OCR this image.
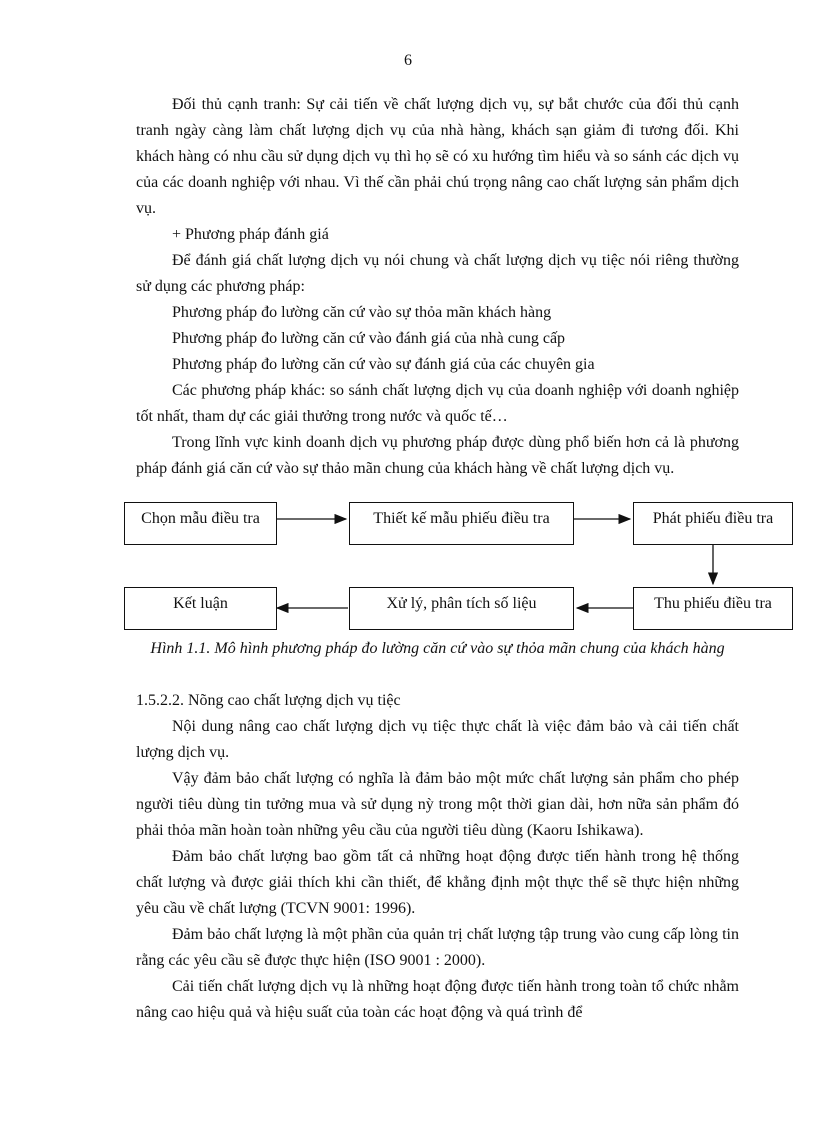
6

Đối thủ cạnh tranh: Sự cải tiến về chất lượng dịch vụ, sự bắt chước của đối thủ cạnh tranh ngày càng làm chất lượng dịch vụ của nhà hàng, khách sạn giảm đi tương đối. Khi khách hàng có nhu cầu sử dụng dịch vụ thì họ sẽ có xu hướng tìm hiểu và so sánh các dịch vụ của các doanh nghiệp với nhau. Vì thế cần phải chú trọng nâng cao chất lượng sản phẩm dịch vụ.

+ Phương pháp đánh giá

Để đánh giá chất lượng dịch vụ nói chung và chất lượng dịch vụ tiệc nói riêng thường sử dụng các phương pháp:

Phương pháp đo lường căn cứ vào sự thỏa mãn khách hàng
Phương pháp đo lường căn cứ vào đánh giá của nhà cung cấp
Phương pháp đo lường căn cứ vào sự đánh giá của các chuyên gia

Các phương pháp khác: so sánh chất lượng dịch vụ của doanh nghiệp với doanh nghiệp tốt nhất, tham dự các giải thưởng trong nước và quốc tế…

Trong lĩnh vực kinh doanh dịch vụ phương pháp được dùng phổ biến hơn cả là phương pháp đánh giá căn cứ vào sự thảo mãn chung của khách hàng về chất lượng dịch vụ.

Chọn mẫu điều tra	Thiết kế mẫu phiếu điều tra	Phát phiếu điều tra
Thu phiếu điều tra
Xử lý, phân tích số liệu
Kết luận

Hình 1.1. Mô hình phương pháp đo lường căn cứ vào sự thỏa mãn chung của khách hàng

1.5.2.2. Nõng cao chất lượng dịch vụ tiệc

Nội dung nâng cao chất lượng dịch vụ tiệc thực chất là việc đảm bảo và cải tiến chất lượng dịch vụ.

Vậy đảm bảo chất lượng có nghĩa là đảm bảo một mức chất lượng sản phẩm cho phép người tiêu dùng tin tưởng mua và sử dụng nỳ trong một thời gian dài, hơn nữa sản phẩm đó phải thỏa mãn hoàn toàn những yêu cầu của người tiêu dùng (Kaoru Ishikawa).

Đảm bảo chất lượng bao gồm tất cả những hoạt động được tiến hành trong hệ thống chất lượng và được giải thích khi cần thiết, để khẳng định một thực thể sẽ thực hiện những yêu cầu về chất lượng (TCVN 9001: 1996).

Đảm bảo chất lượng là một phần của quản trị chất lượng tập trung vào cung cấp lòng tin rằng các yêu cầu sẽ được thực hiện (ISO 9001 : 2000).

Cải tiến chất lượng dịch vụ là những hoạt động được tiến hành trong toàn tổ chức nhằm nâng cao hiệu quả và hiệu suất của toàn các hoạt động và quá trình để
